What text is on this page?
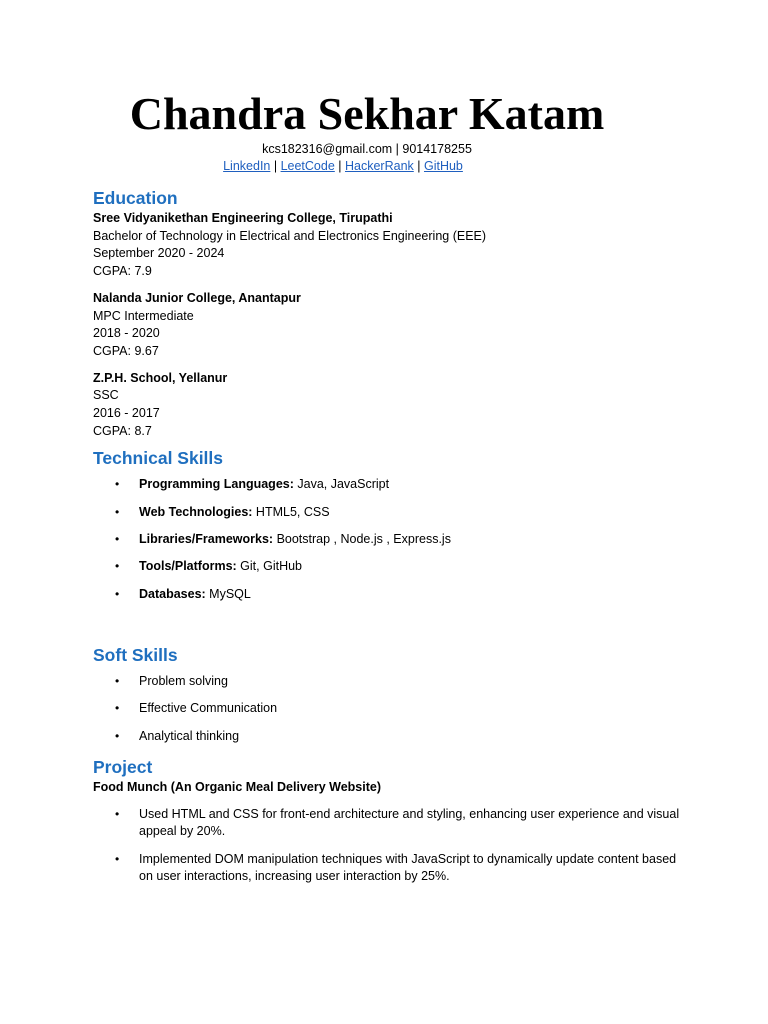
Chandra Sekhar Katam
kcs182316@gmail.com | 9014178255
LinkedIn | LeetCode | HackerRank | GitHub
Education
Sree Vidyanikethan Engineering College, Tirupathi
Bachelor of Technology in Electrical and Electronics Engineering (EEE)
September 2020 - 2024
CGPA: 7.9
Nalanda Junior College, Anantapur
MPC Intermediate
2018 - 2020
CGPA: 9.67
Z.P.H. School, Yellanur
SSC
2016 - 2017
CGPA: 8.7
Technical Skills
• Programming Languages: Java, JavaScript
• Web Technologies: HTML5, CSS
• Libraries/Frameworks: Bootstrap , Node.js , Express.js
• Tools/Platforms: Git, GitHub
• Databases: MySQL
Soft Skills
• Problem solving
• Effective Communication
• Analytical thinking
Project
Food Munch (An Organic Meal Delivery Website)
• Used HTML and CSS for front-end architecture and styling, enhancing user experience and visual appeal by 20%.
• Implemented DOM manipulation techniques with JavaScript to dynamically update content based on user interactions, increasing user interaction by 25%.
